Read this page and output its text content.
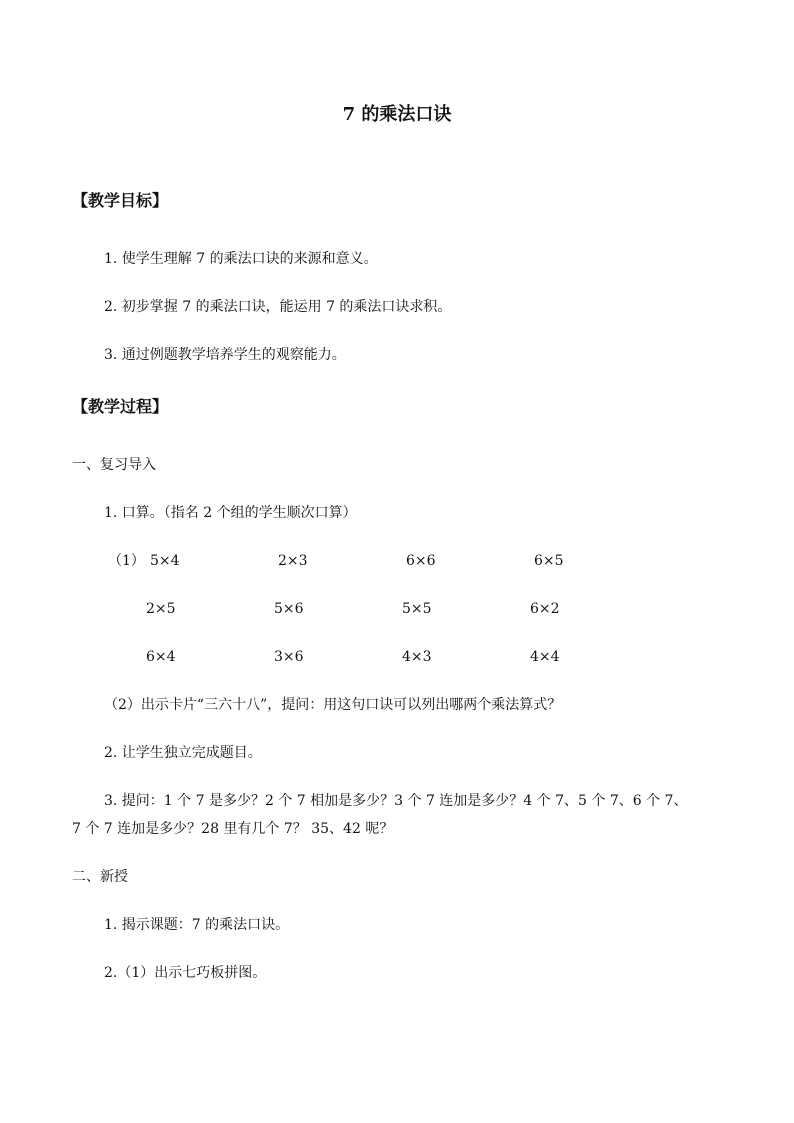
7 的乘法口诀
【教学目标】
1. 使学生理解 7 的乘法口诀的来源和意义。
2. 初步掌握 7 的乘法口诀，能运用 7 的乘法口诀求积。
3. 通过例题教学培养学生的观察能力。
【教学过程】
一、复习导入
1. 口算。（指名 2 个组的学生顺次口算）
（1） 5×4	2×3	6×6	6×5
2×5	5×6	5×5	6×2
6×4	3×6	4×3	4×4
（2）出示卡片“三六十八”，提问：用这句口诀可以列出哪两个乘法算式？
2. 让学生独立完成题目。
3. 提问：1 个 7 是多少？2 个 7 相加是多少？3 个 7 连加是多少？4 个 7、5 个 7、6 个 7、
7 个 7 连加是多少？28 里有几个 7？ 35、42 呢？
二、新授
1. 揭示课题：7 的乘法口诀。
2.（1）出示七巧板拼图。
